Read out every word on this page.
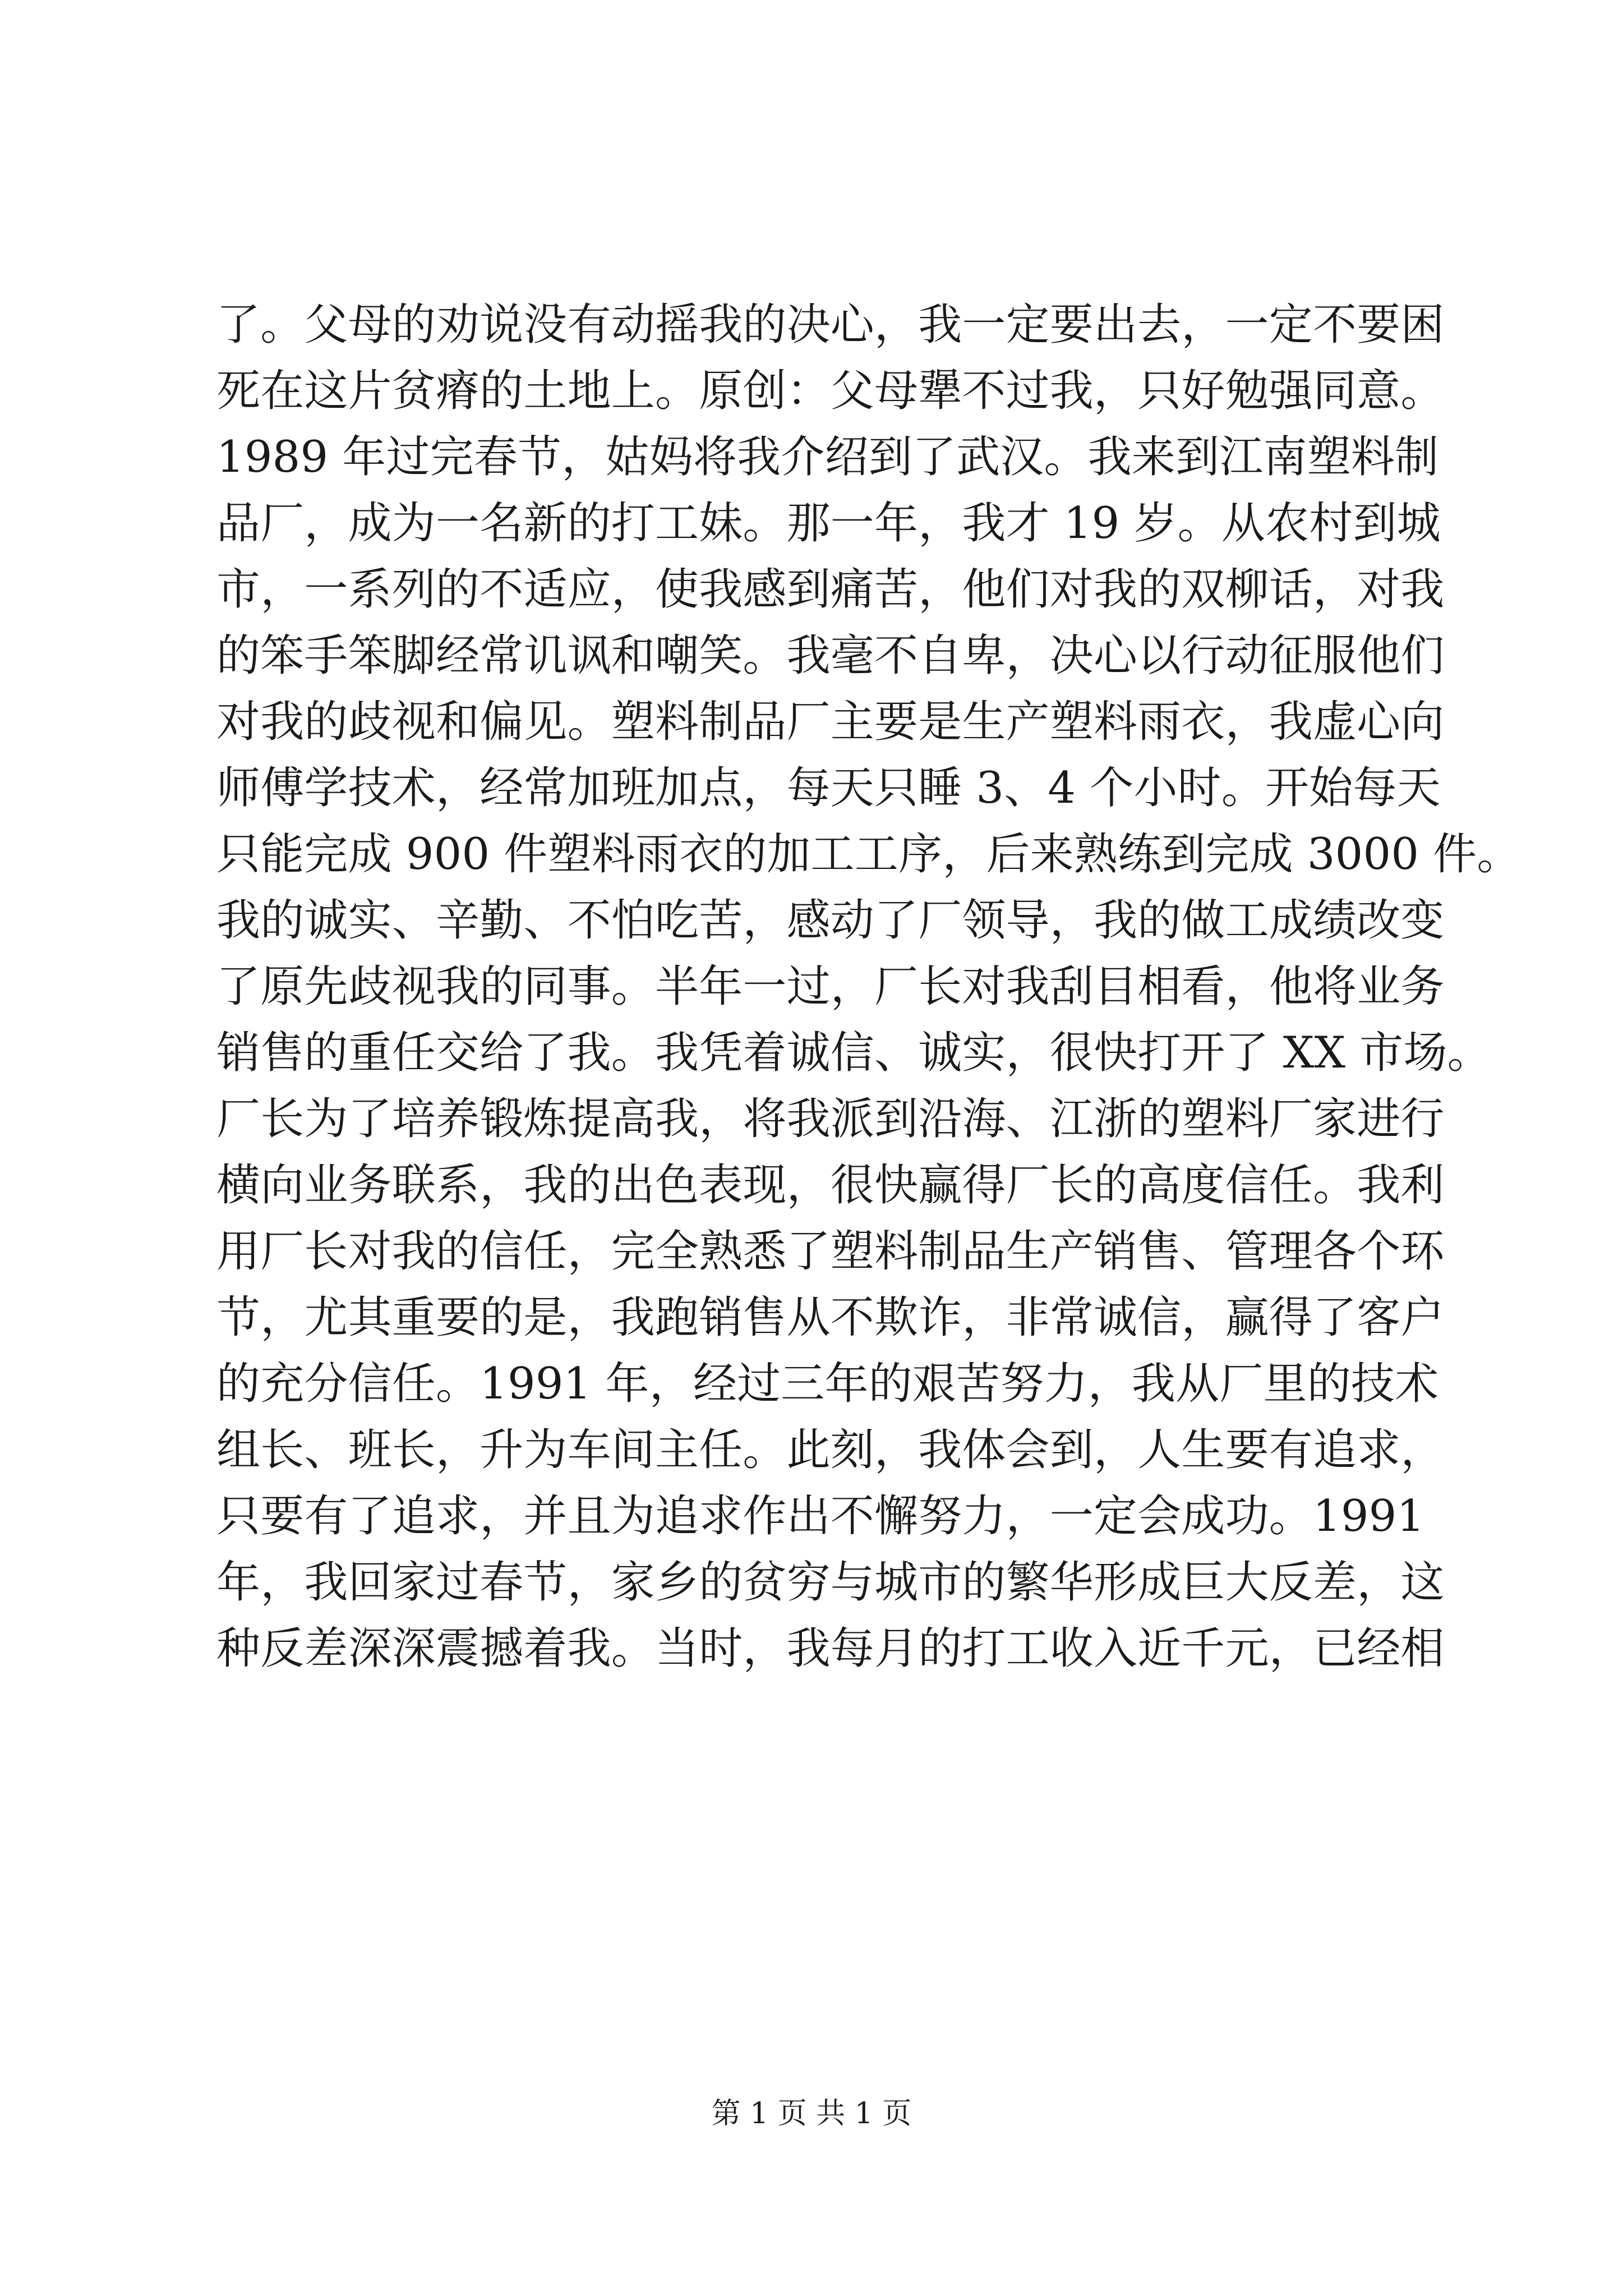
了。父母的劝说没有动摇我的决心，我一定要出去，一定不要困
死在这片贫瘠的土地上。原创：父母犟不过我，只好勉强同意。
1989 年过完春节，姑妈将我介绍到了武汉。我来到江南塑料制
品厂，成为一名新的打工妹。那一年，我才 19 岁。从农村到城
市，一系列的不适应，使我感到痛苦，他们对我的双柳话，对我
的笨手笨脚经常讥讽和嘲笑。我毫不自卑，决心以行动征服他们
对我的歧视和偏见。塑料制品厂主要是生产塑料雨衣，我虚心向
师傅学技术，经常加班加点，每天只睡 3、4 个小时。开始每天
只能完成 900 件塑料雨衣的加工工序，后来熟练到完成 3000 件。
我的诚实、辛勤、不怕吃苦，感动了厂领导，我的做工成绩改变
了原先歧视我的同事。半年一过，厂长对我刮目相看，他将业务
销售的重任交给了我。我凭着诚信、诚实，很快打开了 XX 市场。
厂长为了培养锻炼提高我，将我派到沿海、江浙的塑料厂家进行
横向业务联系，我的出色表现，很快赢得厂长的高度信任。我利
用厂长对我的信任，完全熟悉了塑料制品生产销售、管理各个环
节，尤其重要的是，我跑销售从不欺诈，非常诚信，赢得了客户
的充分信任。1991 年，经过三年的艰苦努力，我从厂里的技术
组长、班长，升为车间主任。此刻，我体会到，人生要有追求，
只要有了追求，并且为追求作出不懈努力，一定会成功。1991
年，我回家过春节，家乡的贫穷与城市的繁华形成巨大反差，这
种反差深深震撼着我。当时，我每月的打工收入近千元，已经相
第 1 页 共 1 页
